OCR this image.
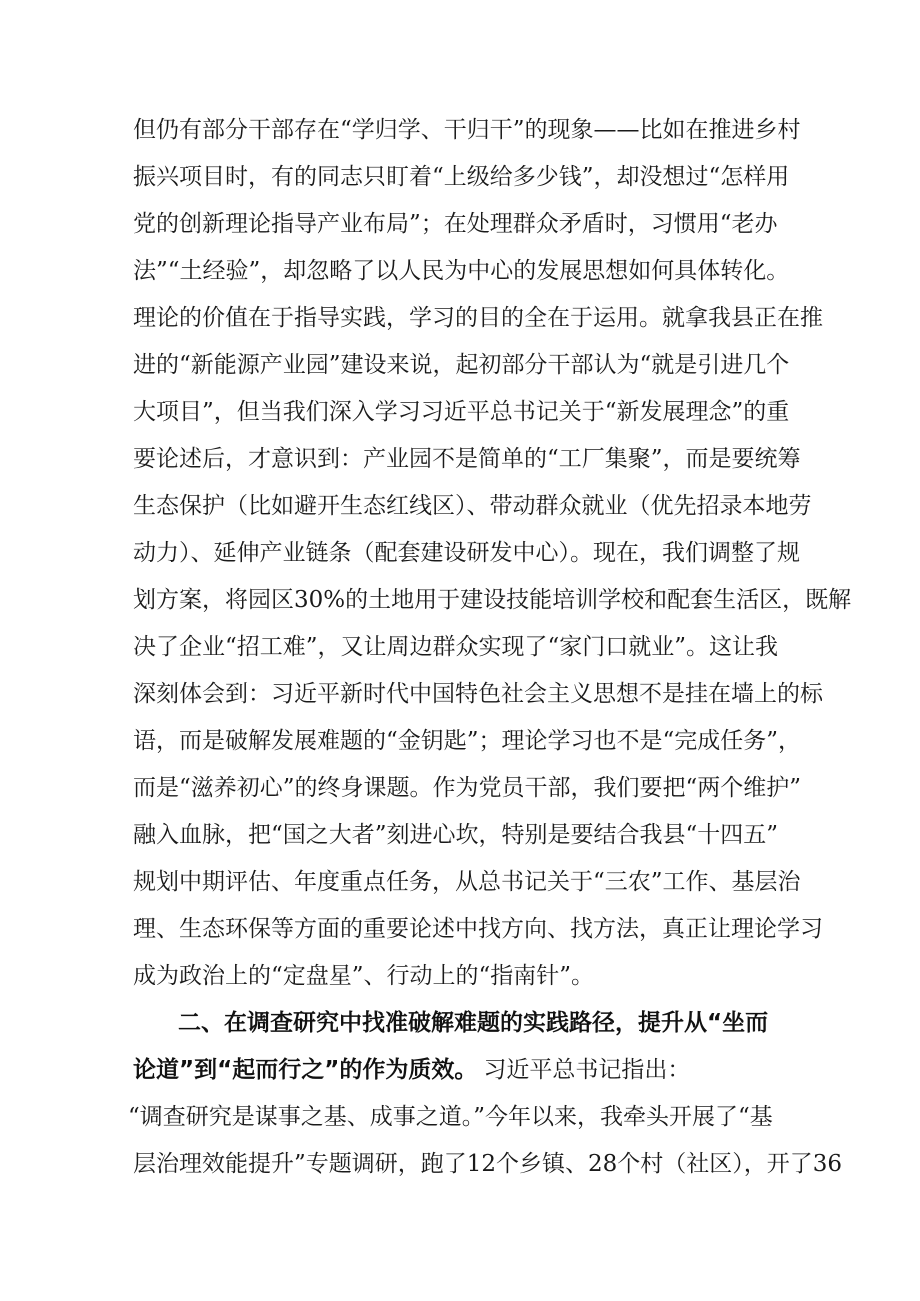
但仍有部分干部存在“学归学、干归干”的现象——比如在推进乡村
振兴项目时，有的同志只盯着“上级给多少钱”，却没想过“怎样用
党的创新理论指导产业布局”；在处理群众矛盾时，习惯用“老办
法”“土经验”，却忽略了以人民为中心的发展思想如何具体转化。
理论的价值在于指导实践，学习的目的全在于运用。就拿我县正在推
进的“新能源产业园”建设来说，起初部分干部认为“就是引进几个
大项目”，但当我们深入学习习近平总书记关于“新发展理念”的重
要论述后，才意识到：产业园不是简单的“工厂集聚”，而是要统筹
生态保护（比如避开生态红线区）、带动群众就业（优先招录本地劳
动力）、延伸产业链条（配套建设研发中心）。现在，我们调整了规
划方案，将园区30%的土地用于建设技能培训学校和配套生活区，既解
决了企业“招工难”，又让周边群众实现了“家门口就业”。这让我
深刻体会到：习近平新时代中国特色社会主义思想不是挂在墙上的标
语，而是破解发展难题的“金钥匙”；理论学习也不是“完成任务”，
而是“滋养初心”的终身课题。作为党员干部，我们要把“两个维护”
融入血脉，把“国之大者”刻进心坎，特别是要结合我县“十四五”
规划中期评估、年度重点任务，从总书记关于“三农”工作、基层治
理、生态环保等方面的重要论述中找方向、找方法，真正让理论学习
成为政治上的“定盘星”、行动上的“指南针”。
二、在调查研究中找准破解难题的实践路径，提升从“坐而
论道”到“起而行之”的作为质效。 习近平总书记指出：
“调查研究是谋事之基、成事之道。”今年以来，我牵头开展了“基
层治理效能提升”专题调研，跑了12个乡镇、28个村（社区），开了36
